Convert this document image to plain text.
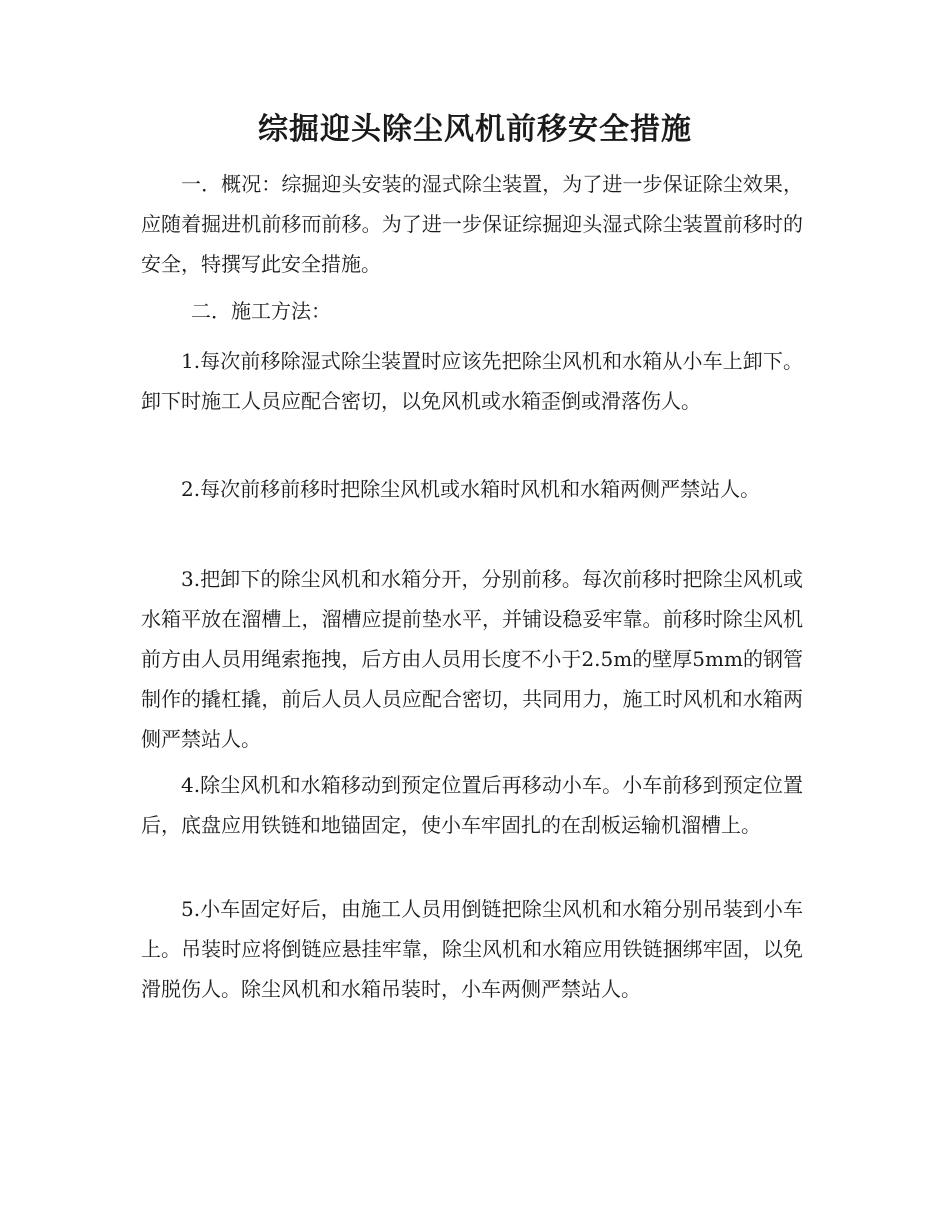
综掘迎头除尘风机前移安全措施

一．概况：综掘迎头安装的湿式除尘装置，为了进一步保证除尘效果，应随着掘进机前移而前移。为了进一步保证综掘迎头湿式除尘装置前移时的安全，特撰写此安全措施。

二．施工方法：

1.每次前移除湿式除尘装置时应该先把除尘风机和水箱从小车上卸下。卸下时施工人员应配合密切，以免风机或水箱歪倒或滑落伤人。

2.每次前移前移时把除尘风机或水箱时风机和水箱两侧严禁站人。

3.把卸下的除尘风机和水箱分开，分别前移。每次前移时把除尘风机或水箱平放在溜槽上，溜槽应提前垫水平，并铺设稳妥牢靠。前移时除尘风机前方由人员用绳索拖拽，后方由人员用长度不小于2.5m的壁厚5mm的钢管制作的撬杠撬，前后人员人员应配合密切，共同用力，施工时风机和水箱两侧严禁站人。

4.除尘风机和水箱移动到预定位置后再移动小车。小车前移到预定位置后，底盘应用铁链和地锚固定，使小车牢固扎的在刮板运输机溜槽上。

5.小车固定好后，由施工人员用倒链把除尘风机和水箱分别吊装到小车上。吊装时应将倒链应悬挂牢靠，除尘风机和水箱应用铁链捆绑牢固，以免滑脱伤人。除尘风机和水箱吊装时，小车两侧严禁站人。
